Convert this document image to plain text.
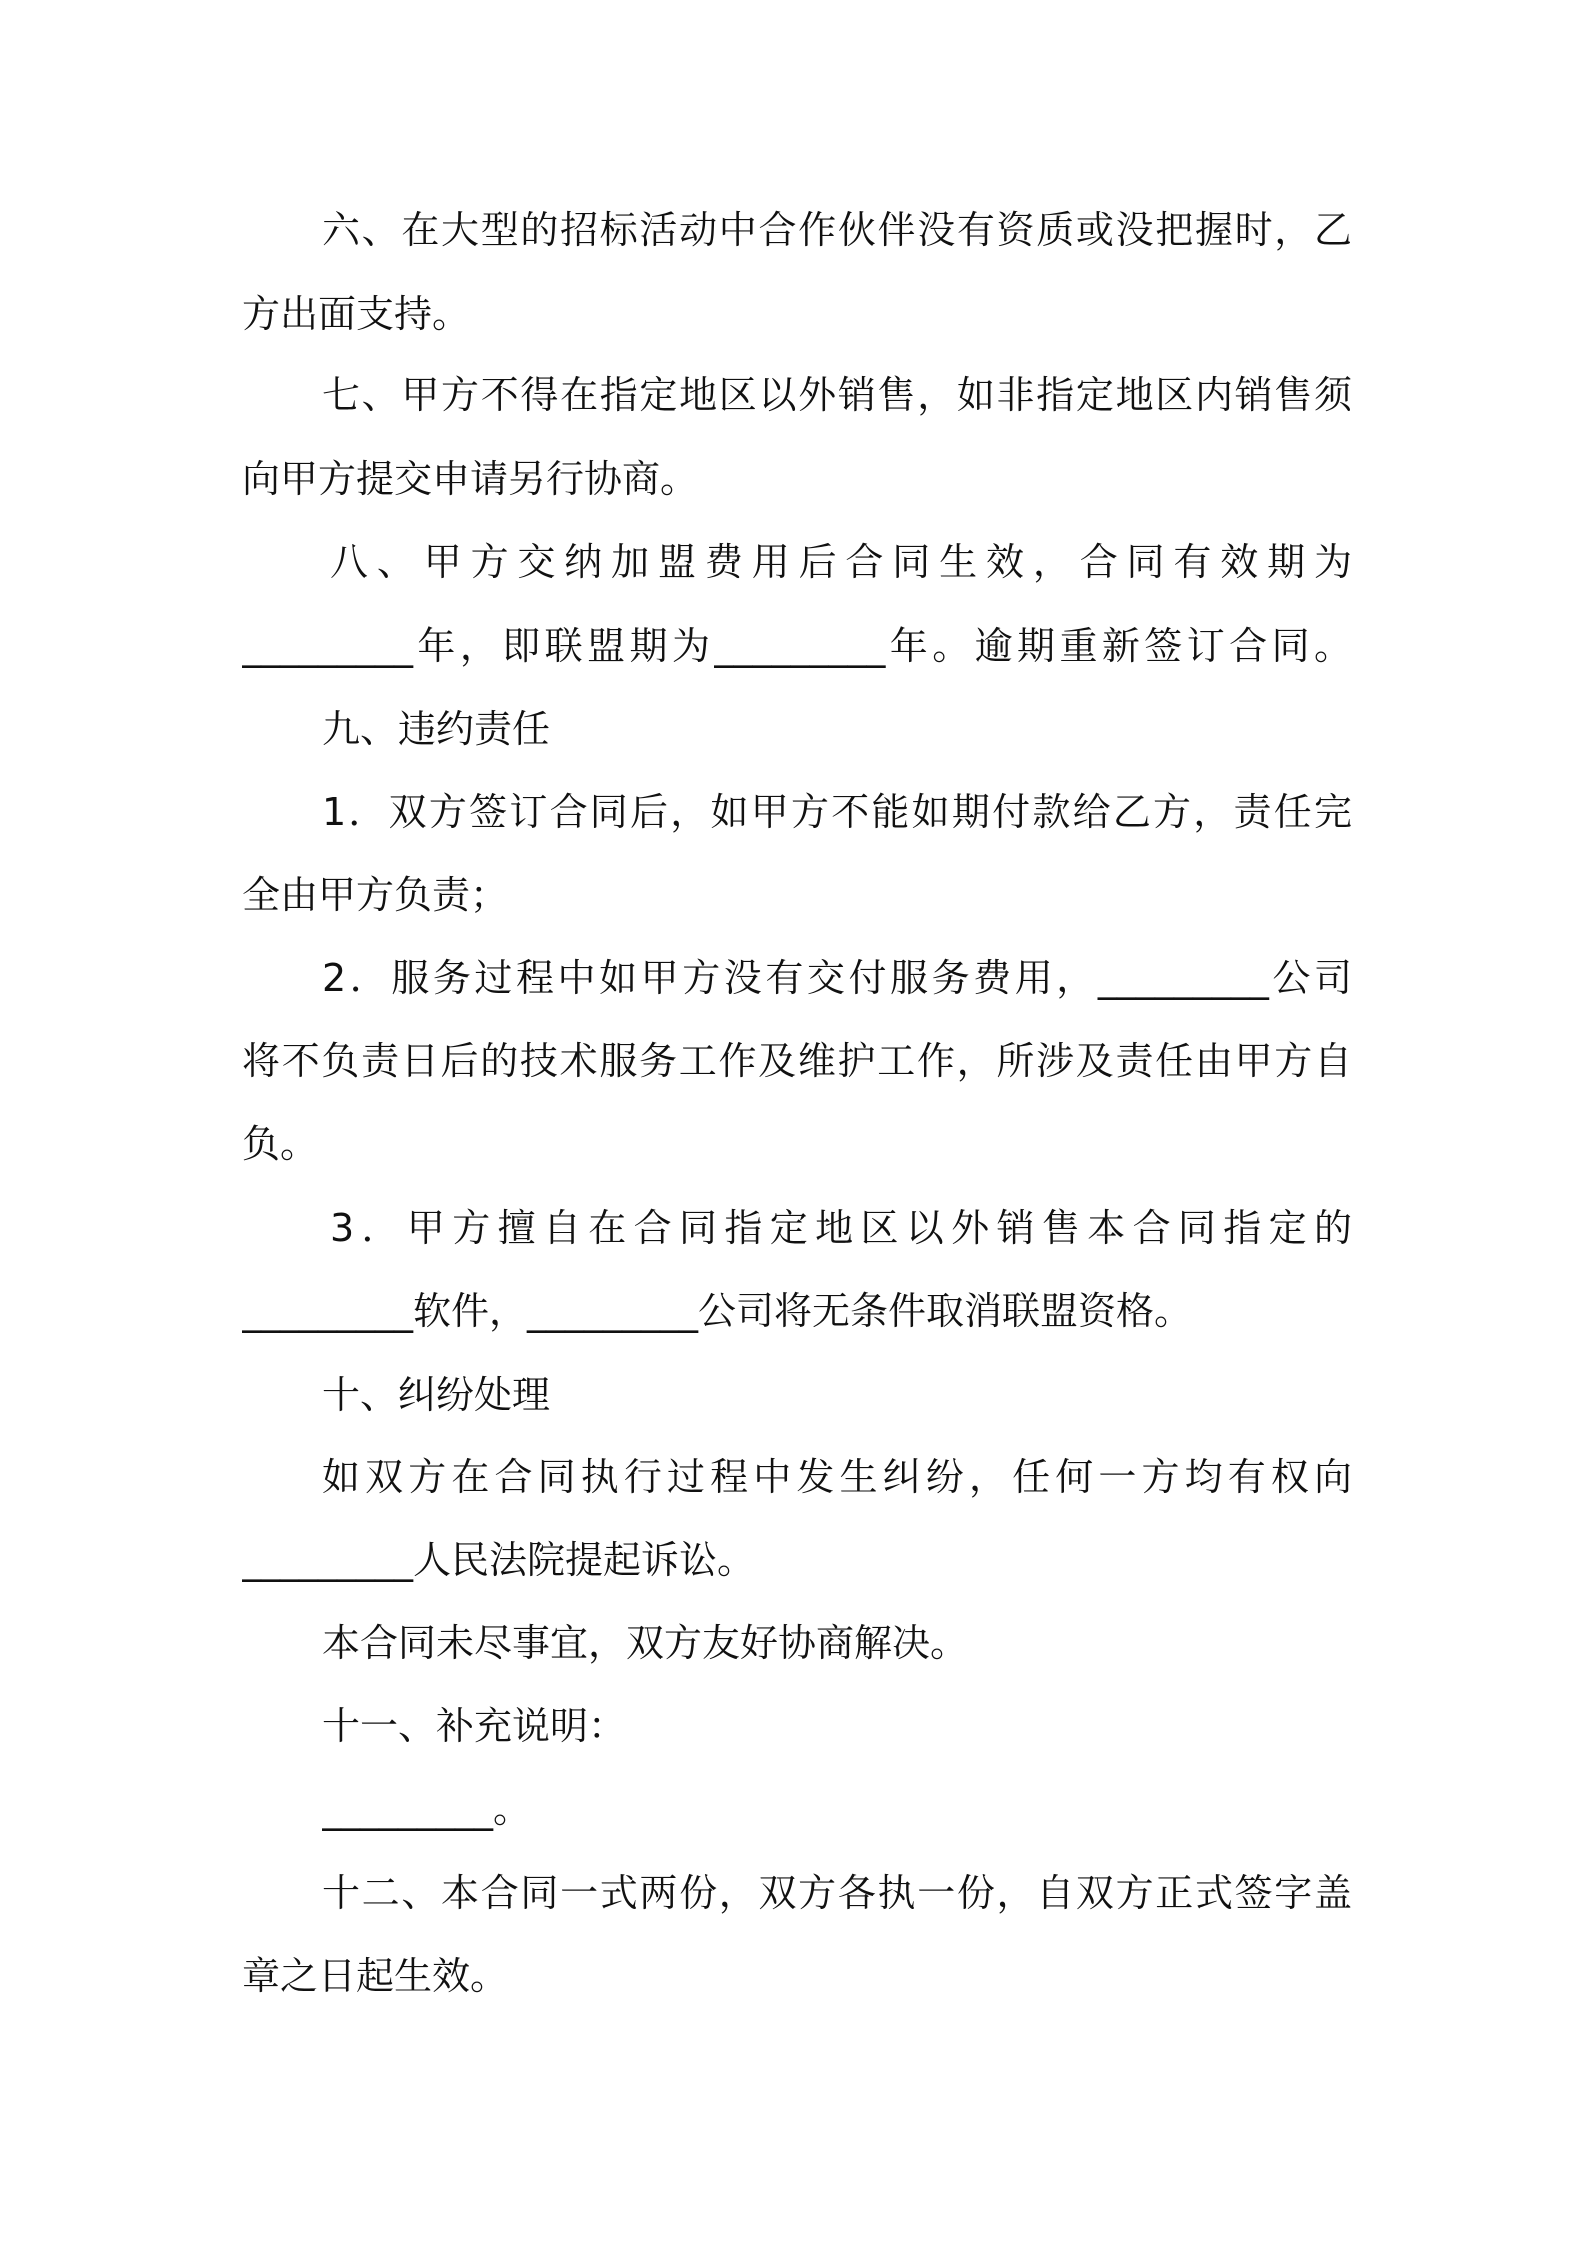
六、在大型的招标活动中合作伙伴没有资质或没把握时，乙
方出面支持。
七、甲方不得在指定地区以外销售，如非指定地区内销售须
向甲方提交申请另行协商。
八、甲方交纳加盟费用后合同生效，合同有效期为
_________年，即联盟期为_________年。逾期重新签订合同。
九、违约责任
1．双方签订合同后，如甲方不能如期付款给乙方，责任完
全由甲方负责；
2．服务过程中如甲方没有交付服务费用，_________公司
将不负责日后的技术服务工作及维护工作，所涉及责任由甲方自
负。
3．甲方擅自在合同指定地区以外销售本合同指定的
_________软件，_________公司将无条件取消联盟资格。
十、纠纷处理
如双方在合同执行过程中发生纠纷，任何一方均有权向
_________人民法院提起诉讼。
本合同未尽事宜，双方友好协商解决。
十一、补充说明：
_________。
十二、本合同一式两份，双方各执一份，自双方正式签字盖
章之日起生效。
